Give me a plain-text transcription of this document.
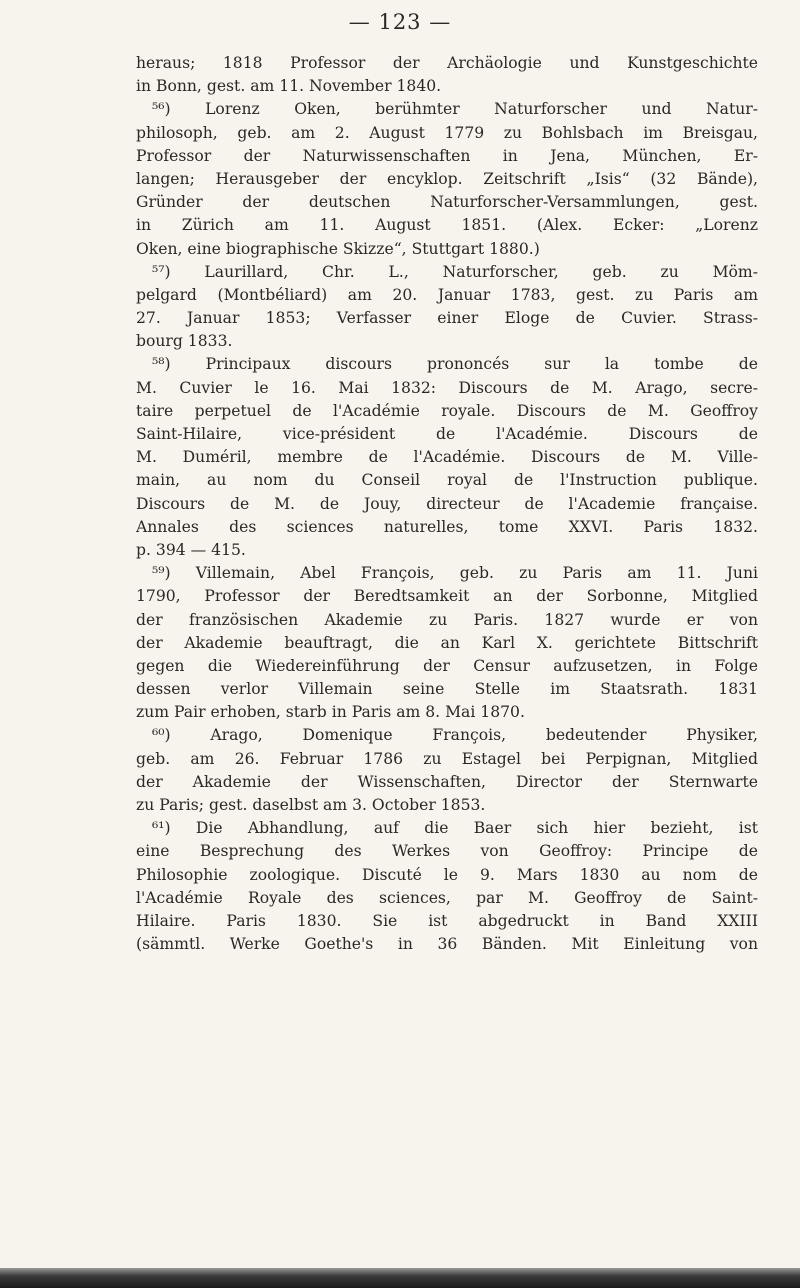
— 123 —
heraus; 1818 Professor der Archäologie und Kunstgeschichte
in Bonn, gest. am 11. November 1840.
⁵⁶) Lorenz Oken, berühmter Naturforscher und Natur-
philosoph, geb. am 2. August 1779 zu Bohlsbach im Breisgau,
Professor der Naturwissenschaften in Jena, München, Er-
langen; Herausgeber der encyklop. Zeitschrift „Isis“ (32 Bände),
Gründer der deutschen Naturforscher-Versammlungen, gest.
in Zürich am 11. August 1851. (Alex. Ecker: „Lorenz
Oken, eine biographische Skizze“, Stuttgart 1880.)
⁵⁷) Laurillard, Chr. L., Naturforscher, geb. zu Möm-
pelgard (Montbéliard) am 20. Januar 1783, gest. zu Paris am
27. Januar 1853; Verfasser einer Eloge de Cuvier. Strass-
bourg 1833.
⁵⁸) Principaux discours prononcés sur la tombe de
M. Cuvier le 16. Mai 1832: Discours de M. Arago, secre-
taire perpetuel de l'Académie royale. Discours de M. Geoffroy
Saint-Hilaire, vice-président de l'Académie. Discours de
M. Duméril, membre de l'Académie. Discours de M. Ville-
main, au nom du Conseil royal de l'Instruction publique.
Discours de M. de Jouy, directeur de l'Academie française.
Annales des sciences naturelles, tome XXVI. Paris 1832.
p. 394 — 415.
⁵⁹) Villemain, Abel François, geb. zu Paris am 11. Juni
1790, Professor der Beredtsamkeit an der Sorbonne, Mitglied
der französischen Akademie zu Paris. 1827 wurde er von
der Akademie beauftragt, die an Karl X. gerichtete Bittschrift
gegen die Wiedereinführung der Censur aufzusetzen, in Folge
dessen verlor Villemain seine Stelle im Staatsrath. 1831
zum Pair erhoben, starb in Paris am 8. Mai 1870.
⁶⁰) Arago, Domenique François, bedeutender Physiker,
geb. am 26. Februar 1786 zu Estagel bei Perpignan, Mitglied
der Akademie der Wissenschaften, Director der Sternwarte
zu Paris; gest. daselbst am 3. October 1853.
⁶¹) Die Abhandlung, auf die Baer sich hier bezieht, ist
eine Besprechung des Werkes von Geoffroy: Principe de
Philosophie zoologique. Discuté le 9. Mars 1830 au nom de
l'Académie Royale des sciences, par M. Geoffroy de Saint-
Hilaire. Paris 1830. Sie ist abgedruckt in Band XXIII
(sämmtl. Werke Goethe's in 36 Bänden. Mit Einleitung von
